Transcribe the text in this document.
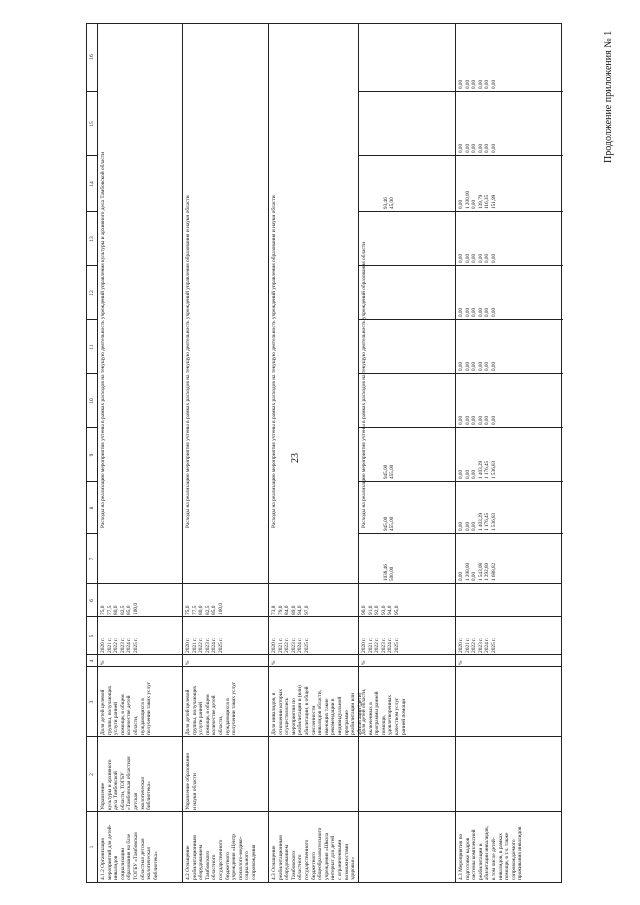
23
Продолжение приложения № 1
1
2
3
4
5
6
7
8
9
10
11
12
13
14
15
16
4.1.2 Организация
мероприятий для детей-
инвалидов
социализации
образования на базе
ТОГБУ «Тамбовская
областная детская
экологическая
библиотека»
Управление
культуры и архивного
дела Тамбовской
области, ТОГБУ
«Тамбовская областная
детская
экологическая
библиотека»
Доля детей целевой
группы, получающих
услуги ранней
помощи, в общем
количестве детей
области,
нуждающихся в
получении таких услуг
%
2020 г.
2021 г.
2022 г.
2023 г.
2024 г.
2025 г.
75,0
77,5
80,0
82,5
85,0
100,0
Расходы на реализацию мероприятия учтены в рамках расходов на текущую деятельность учреждений управления культуры и архивного дела Тамбовской области
4.2 Оснащение
реабилитационным
оборудованием
Тамбовского
областного
государственного
бюджетного
учреждения «Центр
психолого-медико-
социального
сопровождения
Управление образования
и науки области
Доля детей целевой
группы, получающих
услуги ранней
помощи, в общем
количестве детей
области,
нуждающихся в
получении таких услуг
%
2020 г.
2021 г.
2022 г.
2023 г.
2024 г.
2025 г.
75,0
77,5
80,0
82,5
85,0
100,0
Расходы на реализацию мероприятия учтены в рамках расходов на текущую деятельность учреждений управления образования и науки области
4.3 Оснащение
реабилитационным
оборудованием
Тамбовского
областного
государственного
бюджетного
общеобразовательного
учреждения «Школа
интернат для детей
с ограниченными
возможностями
здоровья»
Доля инвалидов, в
отношении которых
осуществлялись
мероприятия по
реабилитации и (или)
абилитации, в общей
численности
инвалидов области,
имеющих такие
рекомендации в
индивидуальной
программе
реабилитации или
абилитации (дети)
%
2020 г.
2021 г.
2022 г.
2023 г.
2024 г.
2025 г.
73,8
79,0
84,0
89,0
94,0
97,0
Расходы на реализацию мероприятия учтены в рамках расходов на текущую деятельность учреждений управления образования и науки области
Доля детей области,
включенных в
программы ранней
помощи,
удовлетворенных
качеством услуг
ранней помощи
%
2020 г.
2021 г.
2022 г.
2023 г.
2024 г.
2025 г.
90,0
91,0
92,0
93,0
94,0
95,0
Расходы на реализацию мероприятия учтены в рамках расходов на текущую деятельность учреждений образования области

1038,46
500,00

945,00
455,00

945,00
455,00

93,46
45,00

4.3 Мероприятия по
подготовке кадров
системы комплексной
реабилитации и
абилитации инвалидов,
в том числе детей-
инвалидов, в рамках
помощи, в т.ч. также
сопровождаемого
проживания инвалидов
%
2020 г.
2021 г.
2022 г.
2023 г.
2024 г.
2025 г.
0,00
1 200,00
0,00
1 543,08
1 292,80
1 688,82
0,00
0,00
0,00
1 403,29
1 176,45
1 536,83
0,00
0,00
0,00
1 403,29
1 176,45
1 536,83
0,00
0,00
0,00
0,00
0,00
0,00
0,00
0,00
0,00
0,00
0,00
0,00
0,00
0,00
0,00
0,00
0,00
0,00
0,00
0,00
0,00
0,00
0,00
0,00
0,00
1 200,00
0,00
139,79
116,35
151,99
0,00
0,00
0,00
0,00
0,00
0,00
0,00
0,00
0,00
0,00
0,00
0,00
